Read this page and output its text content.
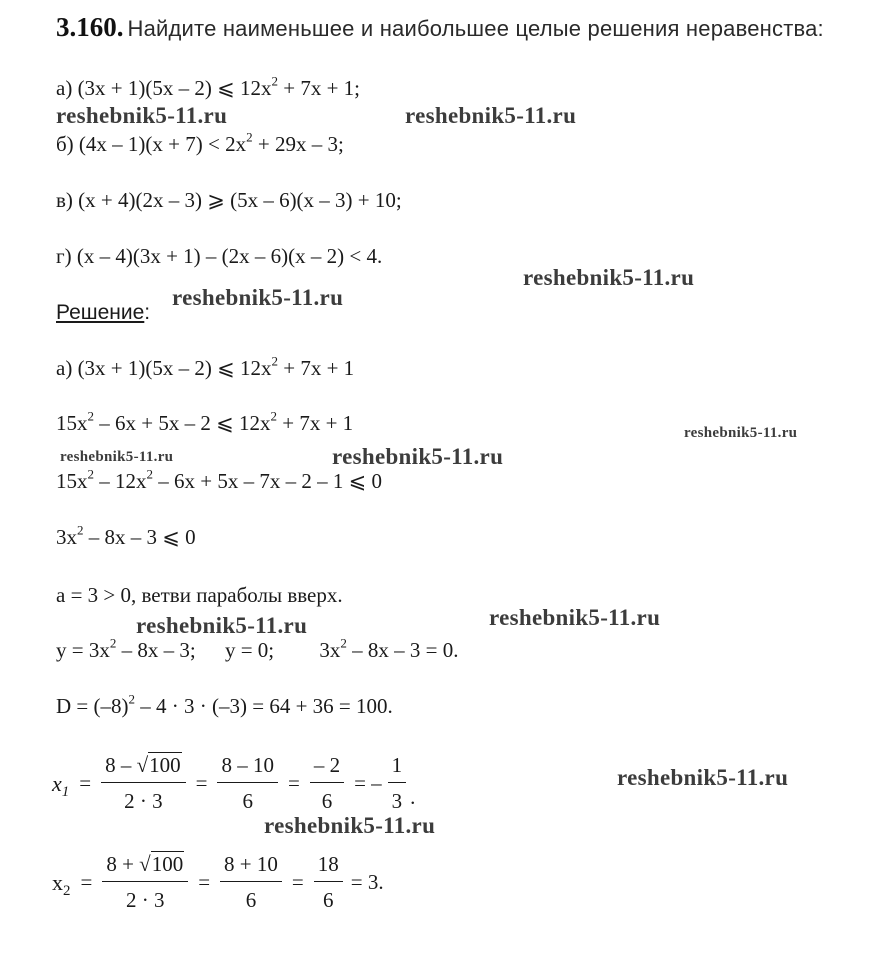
3.160. Найдите наименьшее и наибольшее целые решения неравенства:
а) (3x + 1)(5x – 2) ⩽ $12x^2 + 7x + 1$;
б) $(4x - 1)(x + 7) < 2x^2 + 29x - 3$;
в) (x + 4)(2x – 3) ⩾ (5x – 6)(x – 3) + 10;
г) (x – 4)(3x + 1) – (2x – 6)(x – 2) < 4.
Решение:
а) (3x + 1)(5x – 2) ⩽ $12x^2 + 7x + 1$
$15x^2 - 6x + 5x - 2$ ⩽ $12x^2 + 7x + 1$
$15x^2 - 12x^2 - 6x + 5x - 7x - 2 - 1$ ⩽ 0
$3x^2 - 8x - 3$ ⩽ 0
a = 3 > 0, ветви параболы вверх.
$y = 3x^2 - 8x - 3$; y = 0; $3x^2 - 8x - 3 = 0$.
$D = (-8)^2 - 4 \cdot 3 \cdot (-3) = 64 + 36 = 100$.
$x_1 = \frac{8 - √100}{2 \cdot 3} = \frac{8 - 10}{6} = \frac{- 2}{6}$ = – $\frac{1}{3}$ .
$x_2 = \frac{8 + √100}{2 \cdot 3} = \frac{8 + 10}{6} = \frac{18}{6} = 3$.
reshebnik5-11.ru	reshebnik5-11.ru
reshebnik5-11.ru
reshebnik5-11.ru
reshebnik5-11.ru
reshebnik5-11.ru	reshebnik5-11.ru
reshebnik5-11.ru
reshebnik5-11.ru
reshebnik5-11.ru
reshebnik5-11.ru
